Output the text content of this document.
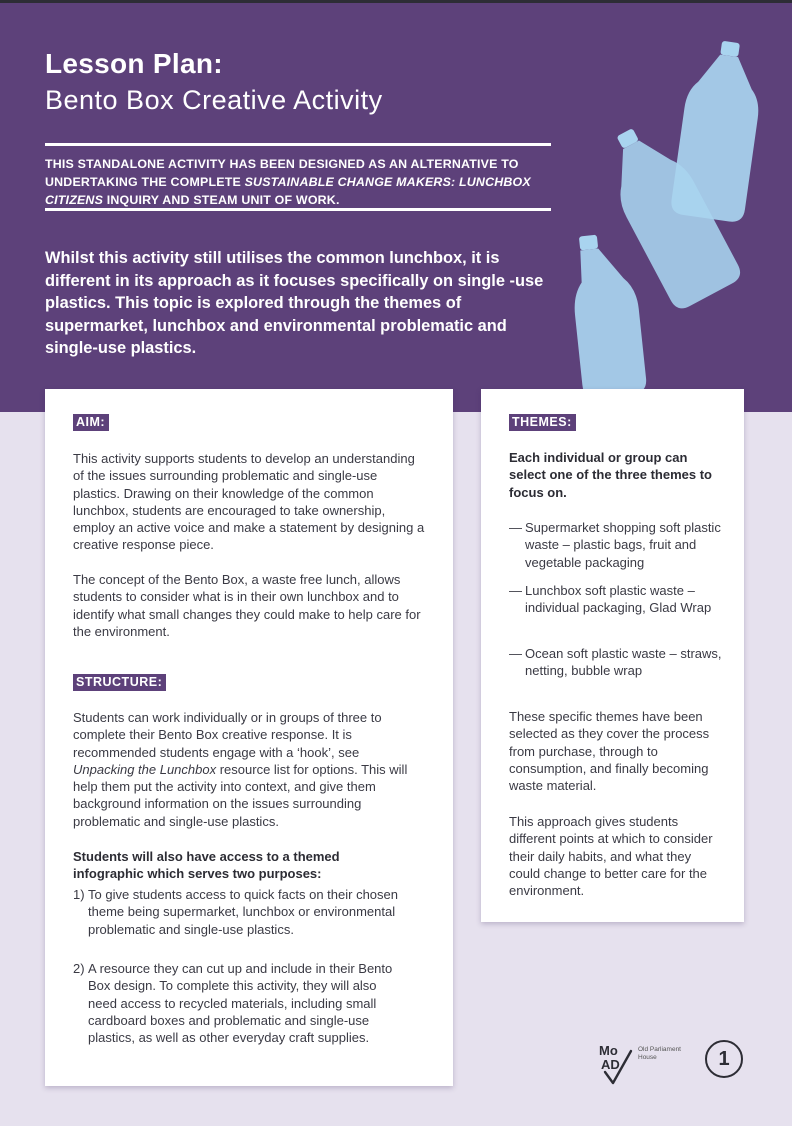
Lesson Plan:
Bento Box Creative Activity
THIS STANDALONE ACTIVITY HAS BEEN DESIGNED AS AN ALTERNATIVE TO UNDERTAKING THE COMPLETE SUSTAINABLE CHANGE MAKERS: LUNCHBOX CITIZENS INQUIRY AND STEAM UNIT OF WORK.
Whilst this activity still utilises the common lunchbox, it is different in its approach as it focuses specifically on single -use plastics. This topic is explored through the themes of supermarket, lunchbox and environmental problematic and single-use plastics.
AIM:
This activity supports students to develop an understanding of the issues surrounding problematic and single-use plastics. Drawing on their knowledge of the common lunchbox, students are encouraged to take ownership, employ an active voice and make a statement by designing a creative response piece.
The concept of the Bento Box, a waste free lunch, allows students to consider what is in their own lunchbox and to identify what small changes they could make to help care for the environment.
STRUCTURE:
Students can work individually or in groups of three to complete their Bento Box creative response. It is recommended students engage with a ‘hook’, see Unpacking the Lunchbox resource list for options. This will help them put the activity into context, and give them background information on the issues surrounding problematic and single-use plastics.
Students will also have access to a themed infographic which serves two purposes:
1) To give students access to quick facts on their chosen theme being supermarket, lunchbox or environmental problematic and single-use plastics.
2) A resource they can cut up and include in their Bento Box design. To complete this activity, they will also need access to recycled materials, including small cardboard boxes and problematic and single-use plastics, as well as other everyday craft supplies.
THEMES:
Each individual or group can select one of the three themes to focus on.
— Supermarket shopping soft plastic waste – plastic bags, fruit and vegetable packaging
— Lunchbox soft plastic waste – individual packaging, Glad Wrap
— Ocean soft plastic waste – straws, netting, bubble wrap
These specific themes have been selected as they cover the process from purchase, through to consumption, and finally becoming waste material.
This approach gives students different points at which to consider their daily habits, and what they could change to better care for the environment.
Mo
AD
Old Parliament House	1
